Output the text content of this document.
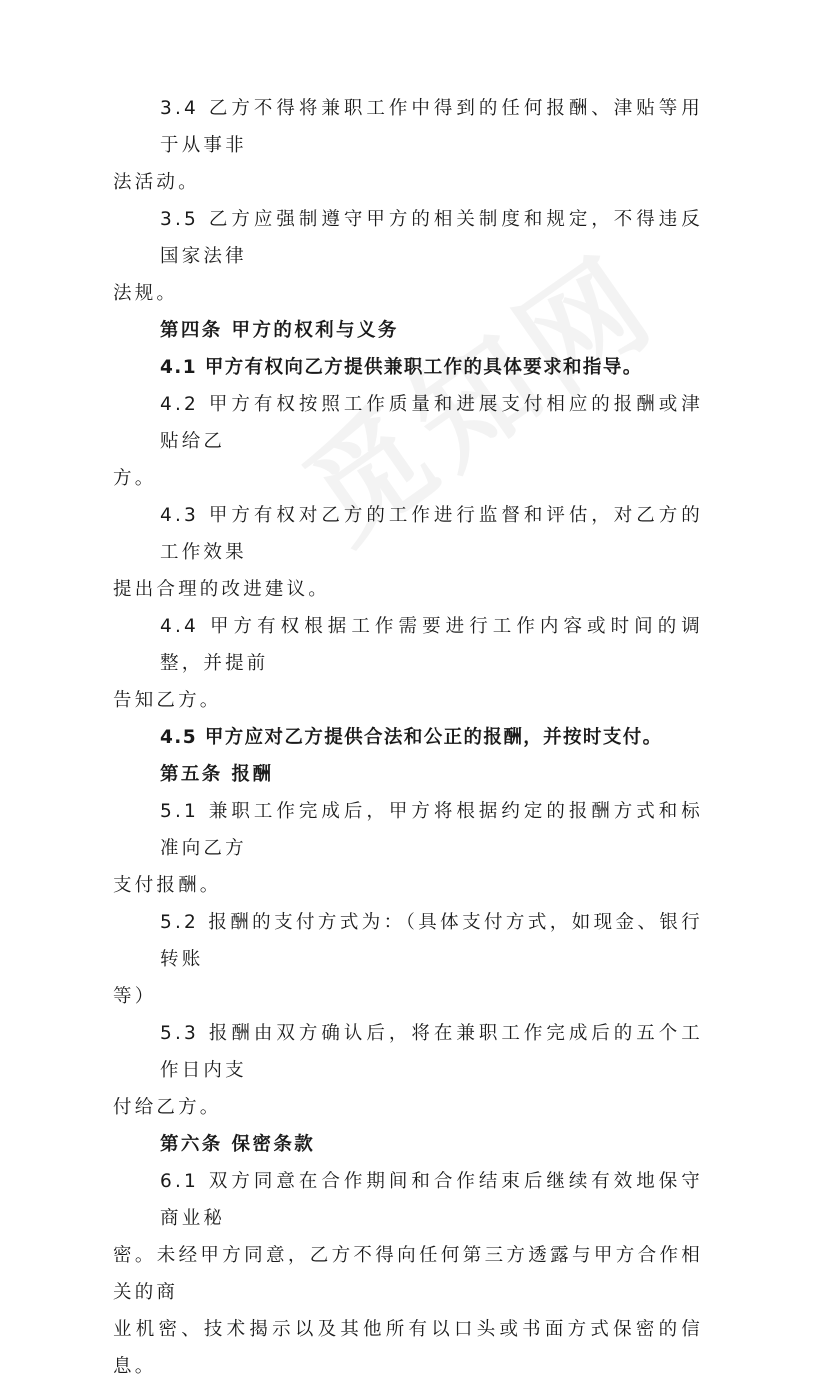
3.4 乙方不得将兼职工作中得到的任何报酬、津贴等用于从事非
法活动。

3.5 乙方应强制遵守甲方的相关制度和规定，不得违反国家法律
法规。

第四条 甲方的权利与义务

4.1 甲方有权向乙方提供兼职工作的具体要求和指导。

4.2 甲方有权按照工作质量和进展支付相应的报酬或津贴给乙
方。

4.3 甲方有权对乙方的工作进行监督和评估，对乙方的工作效果
提出合理的改进建议。

4.4 甲方有权根据工作需要进行工作内容或时间的调整，并提前
告知乙方。

4.5 甲方应对乙方提供合法和公正的报酬，并按时支付。

第五条 报酬

5.1 兼职工作完成后，甲方将根据约定的报酬方式和标准向乙方
支付报酬。

5.2 报酬的支付方式为：（具体支付方式，如现金、银行转账
等）

5.3 报酬由双方确认后，将在兼职工作完成后的五个工作日内支
付给乙方。

第六条 保密条款

6.1 双方同意在合作期间和合作结束后继续有效地保守商业秘
密。未经甲方同意，乙方不得向任何第三方透露与甲方合作相关的商
业机密、技术揭示以及其他所有以口头或书面方式保密的信息。
